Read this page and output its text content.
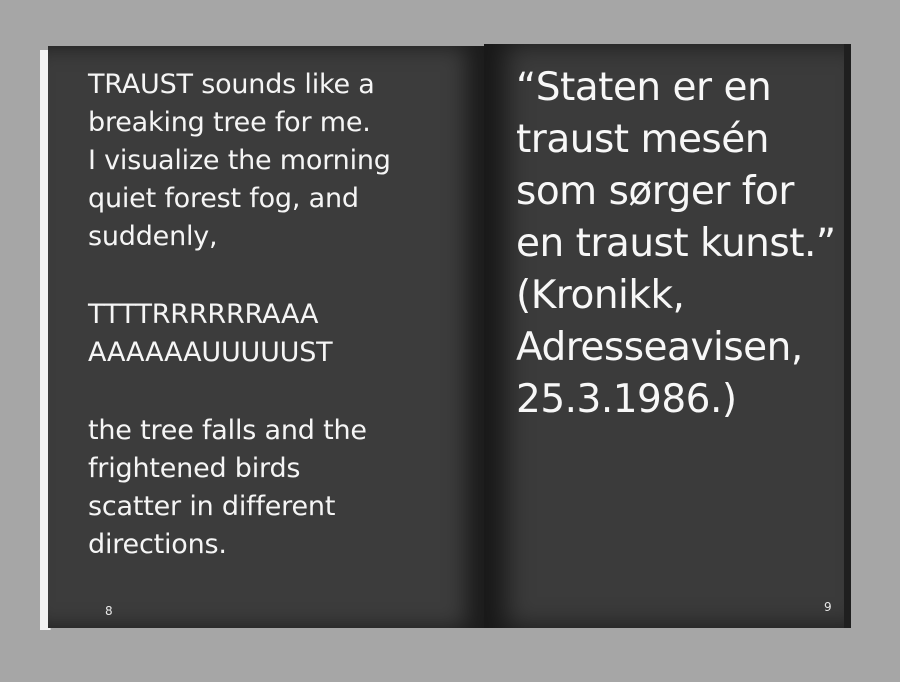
TRAUST sounds like a
breaking tree for me.
I visualize the morning
quiet forest fog, and
suddenly,

TTTTRRRRRRAAA
AAAAAAUUUUUST

the tree falls and the
frightened birds
scatter in different
directions.

8

“Staten er en
traust mesén
som sørger for
en traust kunst.”
(Kronikk,
Adresseavisen,
25.3.1986.)

9
